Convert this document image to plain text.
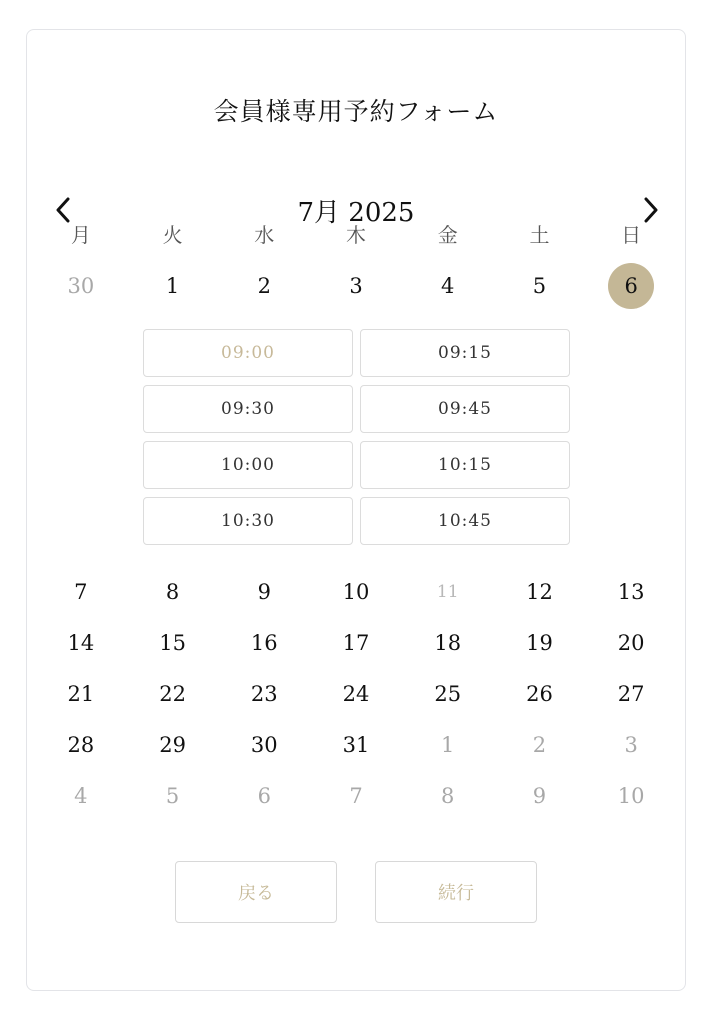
会員様専用予約フォーム
7月 2025
月	火	水	木	金	土	日
30	1	2	3	4	5	6
09:00	09:15
09:30	09:45
10:00	10:15
10:30	10:45
7	8	9	10	11	12	13
14	15	16	17	18	19	20
21	22	23	24	25	26	27
28	29	30	31	1	2	3
4	5	6	7	8	9	10
戻る	続行
